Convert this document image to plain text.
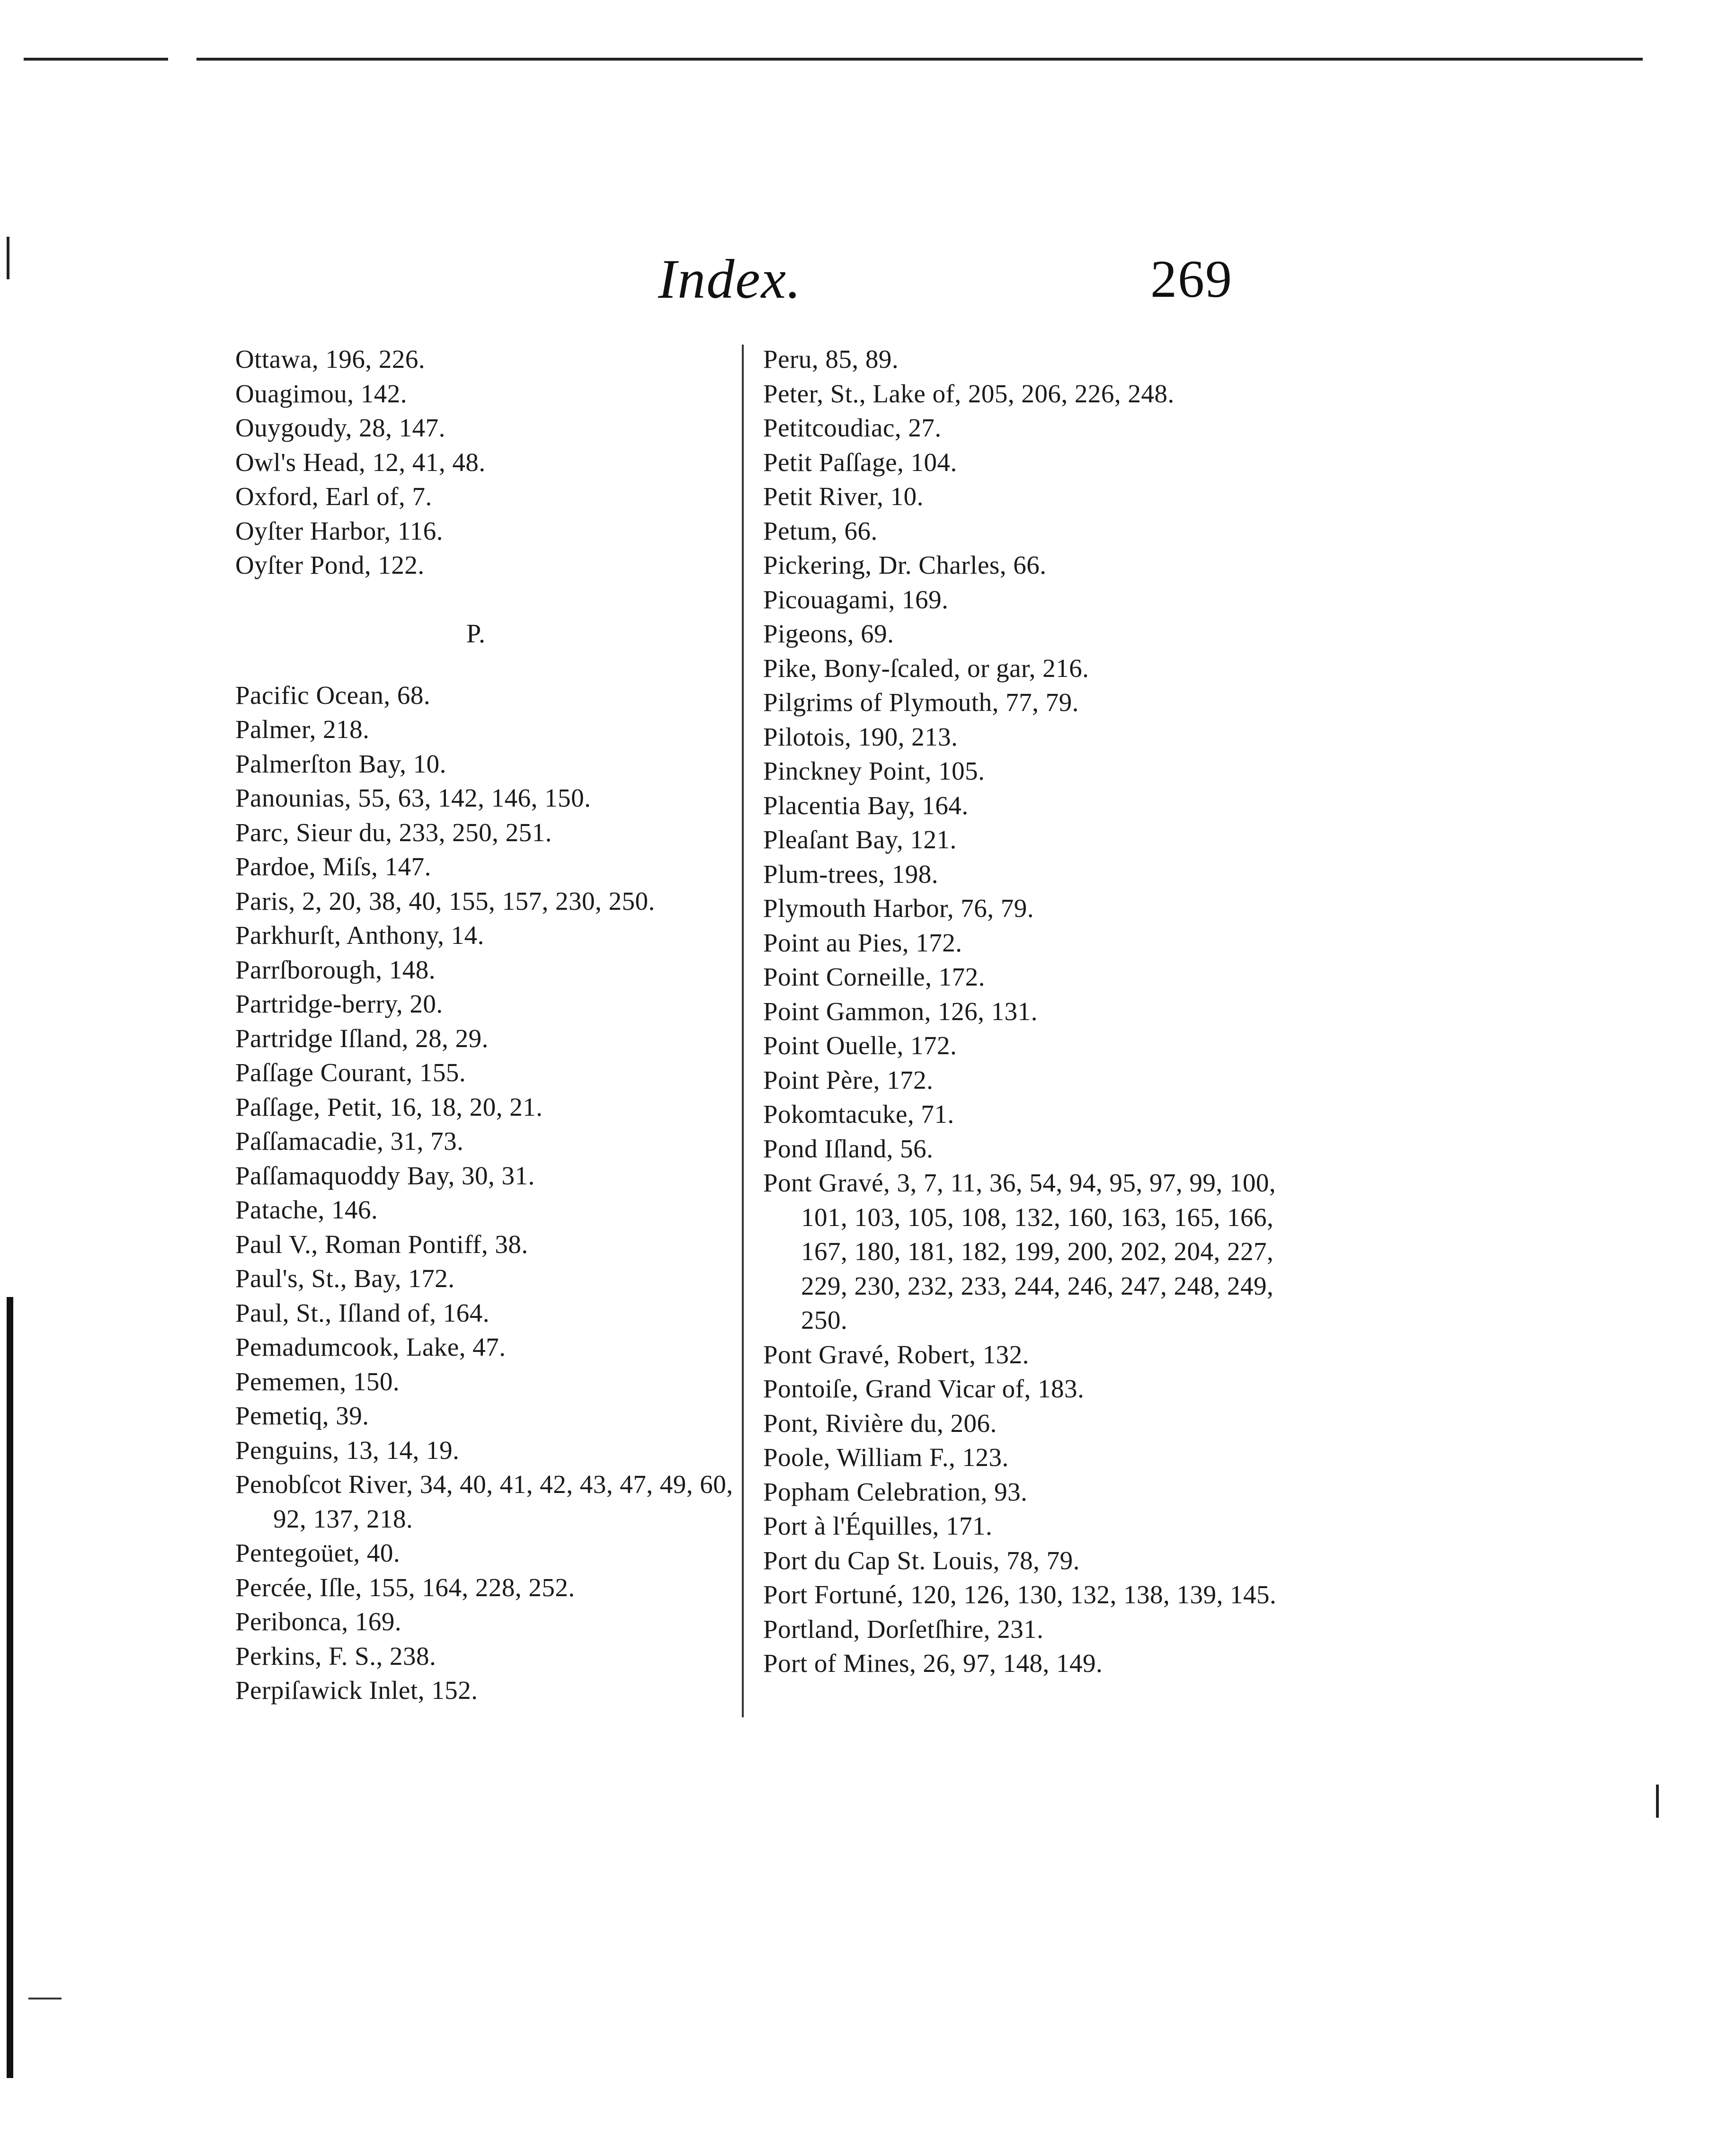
Index.	269

Ottawa, 196, 226.

Ouagimou, 142.

Ouygoudy, 28, 147.

Owl's Head, 12, 41, 48.

Oxford, Earl of, 7.

Oyſter Harbor, 116.

Oyſter Pond, 122.

P.

Pacific Ocean, 68.

Palmer, 218.

Palmerſton Bay, 10.

Panounias, 55, 63, 142, 146, 150.

Parc, Sieur du, 233, 250, 251.

Pardoe, Miſs, 147.

Paris, 2, 20, 38, 40, 155, 157, 230, 250.

Parkhurſt, Anthony, 14.

Parrſborough, 148.

Partridge-berry, 20.

Partridge Iſland, 28, 29.

Paſſage Courant, 155.

Paſſage, Petit, 16, 18, 20, 21.

Paſſamacadie, 31, 73.

Paſſamaquoddy Bay, 30, 31.

Patache, 146.

Paul V., Roman Pontiff, 38.

Paul's, St., Bay, 172.

Paul, St., Iſland of, 164.

Pemadumcook, Lake, 47.

Pememen, 150.

Pemetiq, 39.

Penguins, 13, 14, 19.

Penobſcot River, 34, 40, 41, 42, 43, 47, 49, 60, 92, 137, 218.

Pentegoüet, 40.

Percée, Iſle, 155, 164, 228, 252.

Peribonca, 169.

Perkins, F. S., 238.

Perpiſawick Inlet, 152.

Peru, 85, 89.

Peter, St., Lake of, 205, 206, 226, 248.

Petitcoudiac, 27.

Petit Paſſage, 104.

Petit River, 10.

Petum, 66.

Pickering, Dr. Charles, 66.

Picouagami, 169.

Pigeons, 69.

Pike, Bony-ſcaled, or gar, 216.

Pilgrims of Plymouth, 77, 79.

Pilotois, 190, 213.

Pinckney Point, 105.

Placentia Bay, 164.

Pleaſant Bay, 121.

Plum-trees, 198.

Plymouth Harbor, 76, 79.

Point au Pies, 172.

Point Corneille, 172.

Point Gammon, 126, 131.

Point Ouelle, 172.

Point Père, 172.

Pokomtacuke, 71.

Pond Iſland, 56.

Pont Gravé, 3, 7, 11, 36, 54, 94, 95, 97, 99, 100, 101, 103, 105, 108, 132, 160, 163, 165, 166, 167, 180, 181, 182, 199, 200, 202, 204, 227, 229, 230, 232, 233, 244, 246, 247, 248, 249, 250.

Pont Gravé, Robert, 132.

Pontoiſe, Grand Vicar of, 183.

Pont, Rivière du, 206.

Poole, William F., 123.

Popham Celebration, 93.

Port à l'Équilles, 171.

Port du Cap St. Louis, 78, 79.

Port Fortuné, 120, 126, 130, 132, 138, 139, 145.

Portland, Dorſetſhire, 231.

Port of Mines, 26, 97, 148, 149.
